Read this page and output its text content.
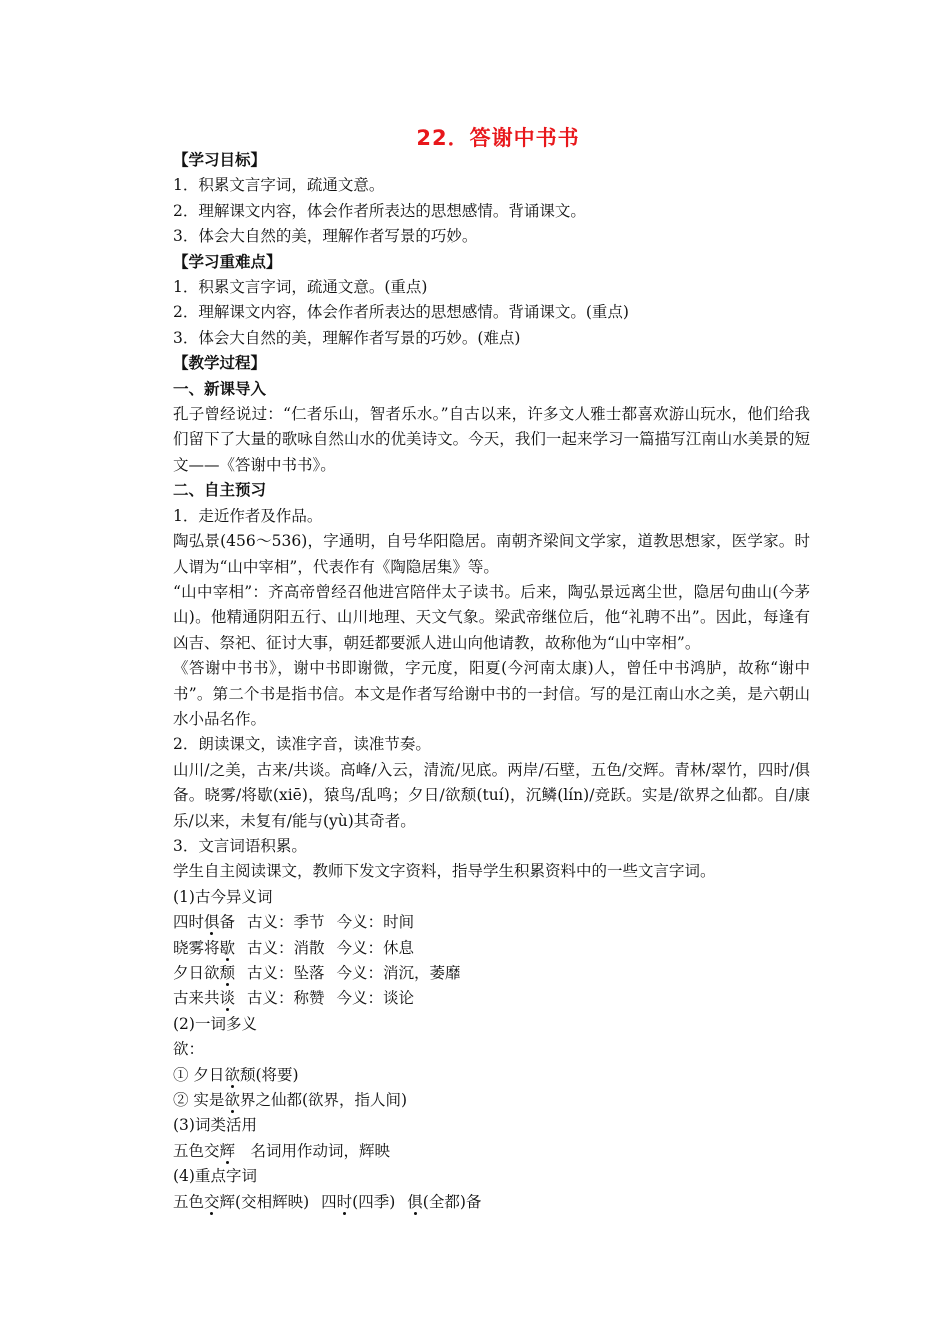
22．答谢中书书

【学习目标】

1．积累文言字词，疏通文意。

2．理解课文内容，体会作者所表达的思想感情。背诵课文。

3．体会大自然的美，理解作者写景的巧妙。

【学习重难点】

1．积累文言字词，疏通文意。(重点)

2．理解课文内容，体会作者所表达的思想感情。背诵课文。(重点)

3．体会大自然的美，理解作者写景的巧妙。(难点)

【教学过程】

一、新课导入

孔子曾经说过：“仁者乐山，智者乐水。”自古以来，许多文人雅士都喜欢游山玩水，他们给我们留下了大量的歌咏自然山水的优美诗文。今天，我们一起来学习一篇描写江南山水美景的短文——《答谢中书书》。

二、自主预习

1．走近作者及作品。

陶弘景(456～536)，字通明，自号华阳隐居。南朝齐梁间文学家，道教思想家，医学家。时人谓为“山中宰相”，代表作有《陶隐居集》等。

“山中宰相”：齐高帝曾经召他进宫陪伴太子读书。后来，陶弘景远离尘世，隐居句曲山(今茅山)。他精通阴阳五行、山川地理、天文气象。梁武帝继位后，他“礼聘不出”。因此，每逢有凶吉、祭祀、征讨大事，朝廷都要派人进山向他请教，故称他为“山中宰相”。

《答谢中书书》，谢中书即谢微，字元度，阳夏(今河南太康)人，曾任中书鸿胪，故称“谢中书”。第二个书是指书信。本文是作者写给谢中书的一封信。写的是江南山水之美，是六朝山水小品名作。

2．朗读课文，读准字音，读准节奏。

山川/之美，古来/共谈。高峰/入云，清流/见底。两岸/石壁，五色/交辉。青林/翠竹，四时/俱备。晓雾/将歇(xiē)，猿鸟/乱鸣；夕日/欲颓(tuí)，沉鳞(lín)/竞跃。实是/欲界之仙都。自/康乐/以来，未复有/能与(yù)其奇者。

3．文言词语积累。

学生自主阅读课文，教师下发文字资料，指导学生积累资料中的一些文言字词。

(1)古今异义词

四时俱备 古义：季节 今义：时间

晓雾将歇 古义：消散 今义：休息

夕日欲颓 古义：坠落 今义：消沉，萎靡

古来共谈 古义：称赞 今义：谈论

(2)一词多义

欲：

① 夕日欲颓(将要)

② 实是欲界之仙都(欲界，指人间)

(3)词类活用

五色交辉　名词用作动词，辉映

(4)重点字词

五色交辉(交相辉映) 四时(四季) 俱(全都)备
